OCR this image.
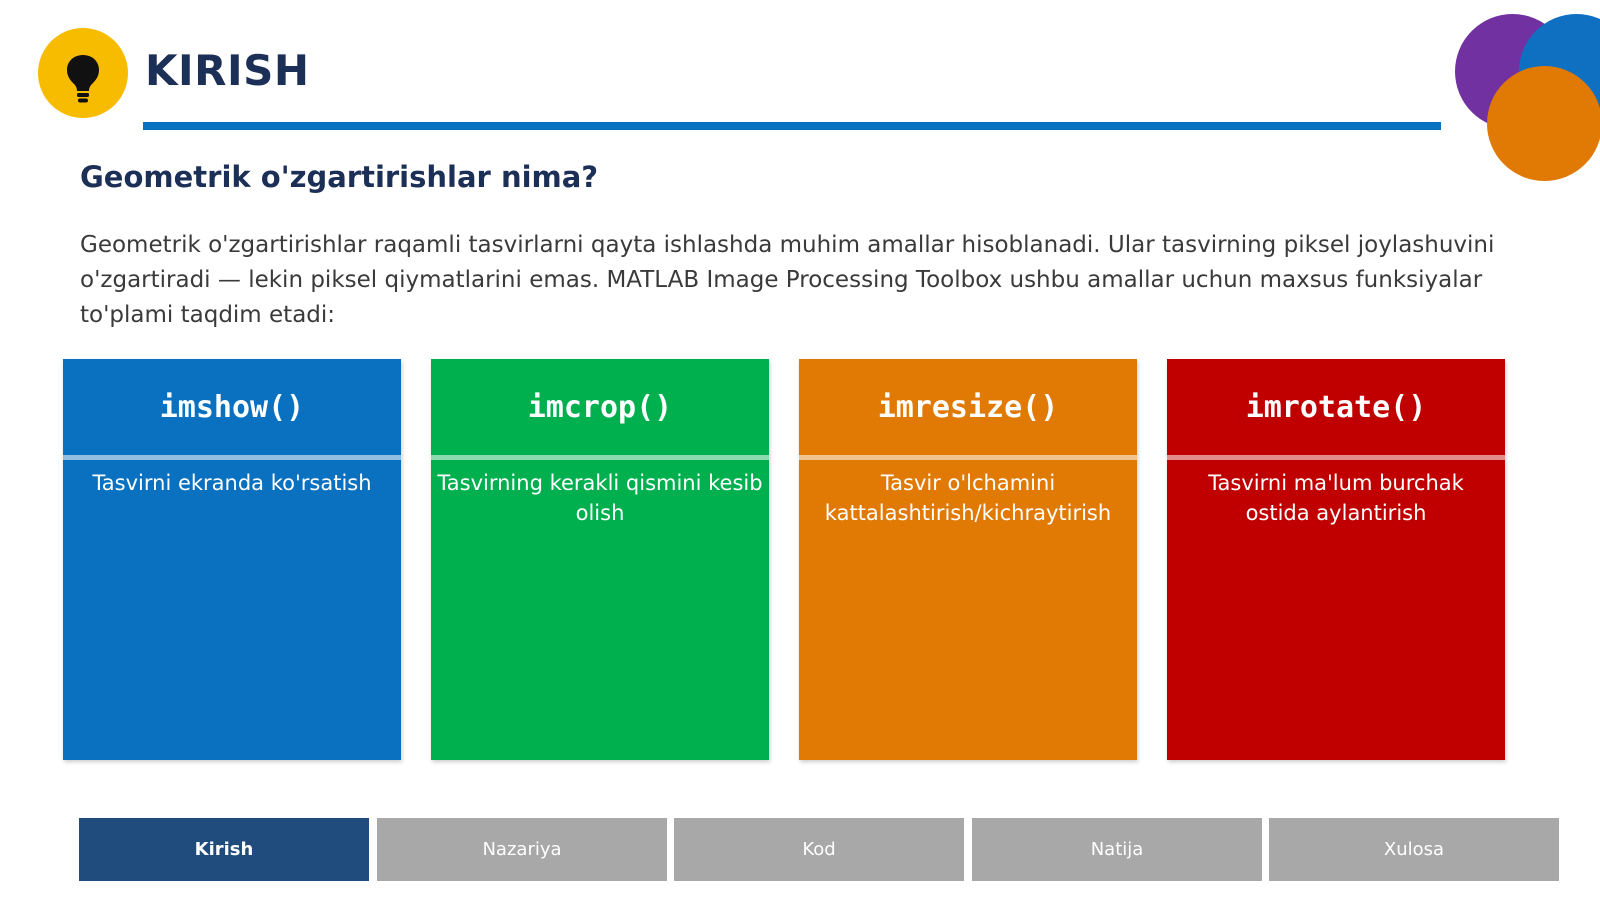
KIRISH
Geometrik o'zgartirishlar nima?
Geometrik o'zgartirishlar raqamli tasvirlarni qayta ishlashda muhim amallar hisoblanadi. Ular tasvirning piksel joylashuvini o'zgartiradi — lekin piksel qiymatlarini emas. MATLAB Image Processing Toolbox ushbu amallar uchun maxsus funksiyalar to'plami taqdim etadi:
imshow()
Tasvirni ekranda ko'rsatish
imcrop()
Tasvirning kerakli qismini kesib olish
imresize()
Tasvir o'lchamini kattalashtirish/kichraytirish
imrotate()
Tasvirni ma'lum burchak ostida aylantirish
Kirish	Nazariya	Kod	Natija	Xulosa
